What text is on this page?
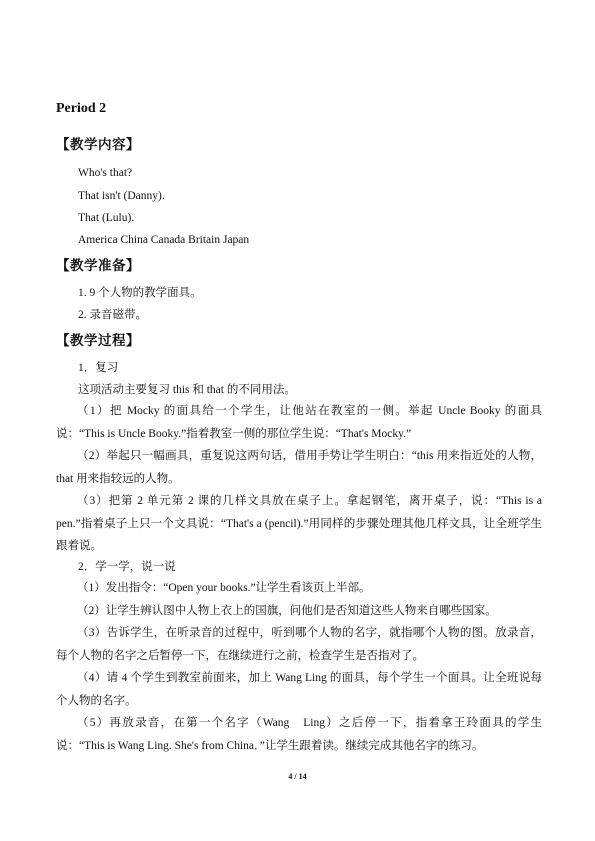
Period 2
【教学内容】
Who's that?
That isn't (Danny).
That (Lulu).
America China Canada Britain Japan
【教学准备】
1. 9 个人物的教学面具。
2. 录音磁带。
【教学过程】
1．复习
这项活动主要复习 this 和 that 的不同用法。
（1）把 Mocky 的面具给一个学生，让他站在教室的一侧。举起 Uncle Booky 的面具说：“This is Uncle Booky.”指着教室一侧的那位学生说：“That's Mocky.”
（2）举起只一幅画具，重复说这两句话，借用手势让学生明白：“this 用来指近处的人物，that 用来指较远的人物。
（3）把第 2 单元第 2 课的几样文具放在桌子上。拿起钢笔，离开桌子，说：“This is a pen.”指着桌子上只一个文具说：“That's a (pencil).”用同样的步骤处理其他几样文具，让全班学生跟着说。
2．学一学，说一说
（1）发出指令：“Open your books.”让学生看该页上半部。
（2）让学生辨认图中人物上衣上的国旗，问他们是否知道这些人物来自哪些国家。
（3）告诉学生，在听录音的过程中，听到哪个人物的名字，就指哪个人物的图。放录音，每个人物的名字之后暂停一下，在继续进行之前，检查学生是否指对了。
（4）请 4 个学生到教室前面来，加上 Wang Ling 的面具，每个学生一个面具。让全班说每个人物的名字。
（5）再放录音，在第一个名字（Wang　Ling）之后停一下，指着拿王玲面具的学生说：“This is Wang Ling. She's from China．”让学生跟着读。继续完成其他名字的练习。
4 / 14
